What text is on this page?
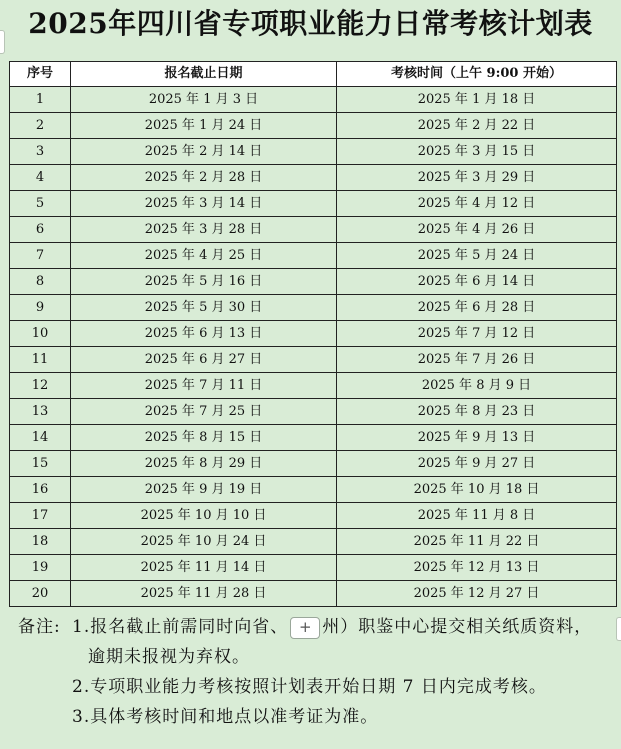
2025年四川省专项职业能力日常考核计划表
序号	报名截止日期	考核时间（上午 9:00 开始）
1	2025 年 1 月 3 日	2025 年 1 月 18 日
2	2025 年 1 月 24 日	2025 年 2 月 22 日
3	2025 年 2 月 14 日	2025 年 3 月 15 日
4	2025 年 2 月 28 日	2025 年 3 月 29 日
5	2025 年 3 月 14 日	2025 年 4 月 12 日
6	2025 年 3 月 28 日	2025 年 4 月 26 日
7	2025 年 4 月 25 日	2025 年 5 月 24 日
8	2025 年 5 月 16 日	2025 年 6 月 14 日
9	2025 年 5 月 30 日	2025 年 6 月 28 日
10	2025 年 6 月 13 日	2025 年 7 月 12 日
11	2025 年 6 月 27 日	2025 年 7 月 26 日
12	2025 年 7 月 11 日	2025 年 8 月 9 日
13	2025 年 7 月 25 日	2025 年 8 月 23 日
14	2025 年 8 月 15 日	2025 年 9 月 13 日
15	2025 年 8 月 29 日	2025 年 9 月 27 日
16	2025 年 9 月 19 日	2025 年 10 月 18 日
17	2025 年 10 月 10 日	2025 年 11 月 8 日
18	2025 年 10 月 24 日	2025 年 11 月 22 日
19	2025 年 11 月 14 日	2025 年 12 月 13 日
20	2025 年 11 月 28 日	2025 年 12 月 27 日
备注: 1.报名截止前需同时向省、 + 州）职鉴中心提交相关纸质资料，
逾期未报视为弃权。
2.专项职业能力考核按照计划表开始日期 7 日内完成考核。
3.具体考核时间和地点以准考证为准。
